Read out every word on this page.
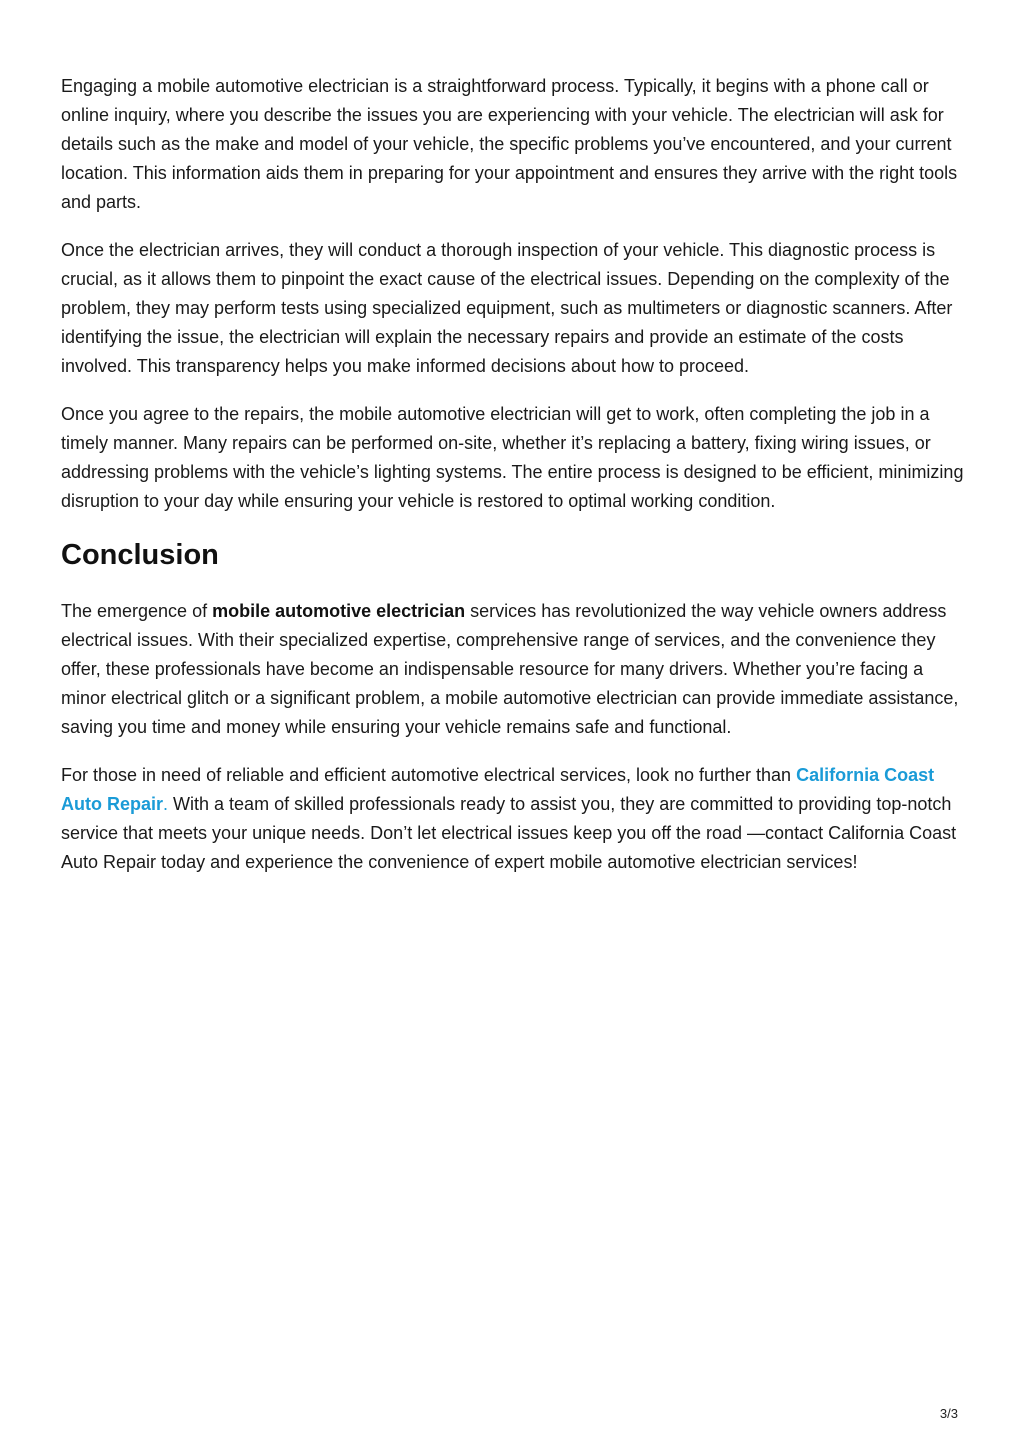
Engaging a mobile automotive electrician is a straightforward process. Typically, it begins with a phone call or online inquiry, where you describe the issues you are experiencing with your vehicle. The electrician will ask for details such as the make and model of your vehicle, the specific problems you’ve encountered, and your current location. This information aids them in preparing for your appointment and ensures they arrive with the right tools and parts.

Once the electrician arrives, they will conduct a thorough inspection of your vehicle. This diagnostic process is crucial, as it allows them to pinpoint the exact cause of the electrical issues. Depending on the complexity of the problem, they may perform tests using specialized equipment, such as multimeters or diagnostic scanners. After identifying the issue, the electrician will explain the necessary repairs and provide an estimate of the costs involved. This transparency helps you make informed decisions about how to proceed.

Once you agree to the repairs, the mobile automotive electrician will get to work, often completing the job in a timely manner. Many repairs can be performed on-site, whether it’s replacing a battery, fixing wiring issues, or addressing problems with the vehicle’s lighting systems. The entire process is designed to be efficient, minimizing disruption to your day while ensuring your vehicle is restored to optimal working condition.

Conclusion

The emergence of mobile automotive electrician services has revolutionized the way vehicle owners address electrical issues. With their specialized expertise, comprehensive range of services, and the convenience they offer, these professionals have become an indispensable resource for many drivers. Whether you’re facing a minor electrical glitch or a significant problem, a mobile automotive electrician can provide immediate assistance, saving you time and money while ensuring your vehicle remains safe and functional.

For those in need of reliable and efficient automotive electrical services, look no further than California Coast Auto Repair. With a team of skilled professionals ready to assist you, they are committed to providing top-notch service that meets your unique needs. Don’t let electrical issues keep you off the road —contact California Coast Auto Repair today and experience the convenience of expert mobile automotive electrician services!

3/3
